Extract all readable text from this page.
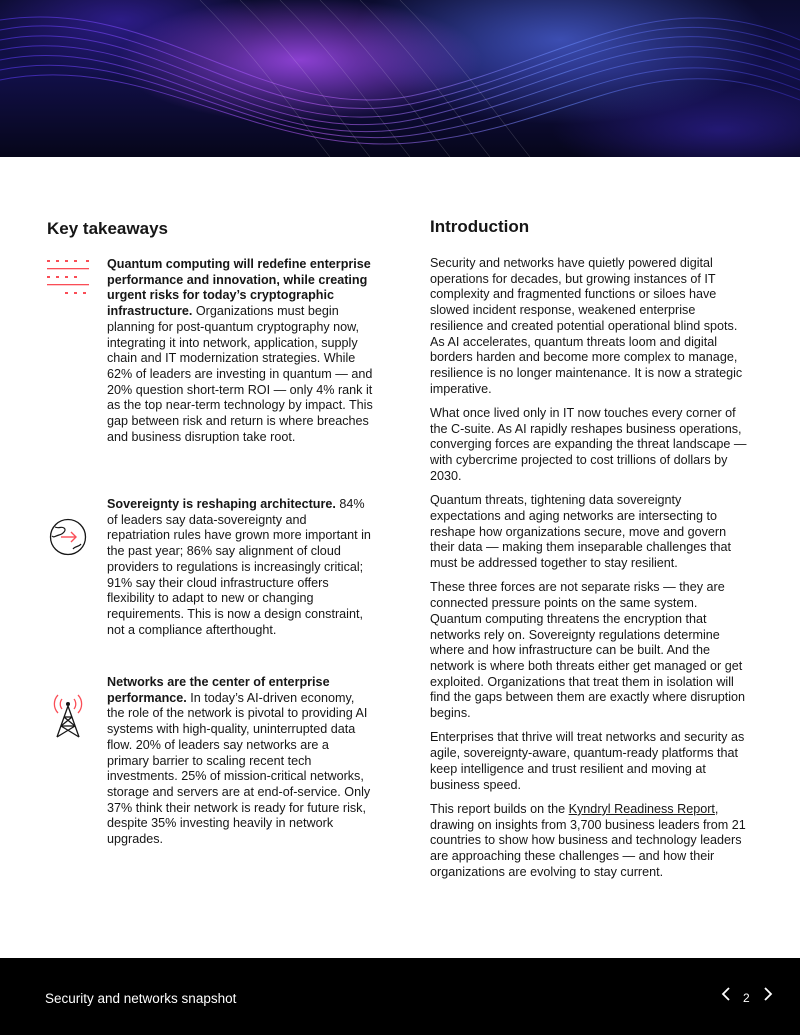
Key takeaways	Introduction
Quantum computing will redefine enterprise performance and innovation, while creating urgent risks for today’s cryptographic infrastructure. Organizations must begin planning for post-quantum cryptography now, integrating it into network, application, supply chain and IT modernization strategies. While 62% of leaders are investing in quantum — and 20% question short-term ROI — only 4% rank it as the top near-term technology by impact. This gap between risk and return is where breaches and business disruption take root.
Sovereignty is reshaping architecture. 84% of leaders say data-sovereignty and repatriation rules have grown more important in the past year; 86% say alignment of cloud providers to regulations is increasingly critical; 91% say their cloud infrastructure offers flexibility to adapt to new or changing requirements. This is now a design constraint, not a compliance afterthought.
Networks are the center of enterprise performance. In today’s AI-driven economy, the role of the network is pivotal to providing AI systems with high-quality, uninterrupted data flow. 20% of leaders say networks are a primary barrier to scaling recent tech investments. 25% of mission-critical networks, storage and servers are at end-of-service. Only 37% think their network is ready for future risk, despite 35% investing heavily in network upgrades.

Security and networks have quietly powered digital operations for decades, but growing instances of IT complexity and fragmented functions or siloes have slowed incident response, weakened enterprise resilience and created potential operational blind spots. As AI accelerates, quantum threats loom and digital borders harden and become more complex to manage, resilience is no longer maintenance. It is now a strategic imperative.

What once lived only in IT now touches every corner of the C-suite. As AI rapidly reshapes business operations, converging forces are expanding the threat landscape — with cybercrime projected to cost trillions of dollars by 2030.

Quantum threats, tightening data sovereignty expectations and aging networks are intersecting to reshape how organizations secure, move and govern their data — making them inseparable challenges that must be addressed together to stay resilient.

These three forces are not separate risks — they are connected pressure points on the same system. Quantum computing threatens the encryption that networks rely on. Sovereignty regulations determine where and how infrastructure can be built. And the network is where both threats either get managed or get exploited. Organizations that treat them in isolation will find the gaps between them are exactly where disruption begins.

Enterprises that thrive will treat networks and security as agile, sovereignty-aware, quantum-ready platforms that keep intelligence and trust resilient and moving at business speed.

This report builds on the Kyndryl Readiness Report, drawing on insights from 3,700 business leaders from 21 countries to show how business and technology leaders are approaching these challenges — and how their organizations are evolving to stay current.

Security and networks snapshot	2
